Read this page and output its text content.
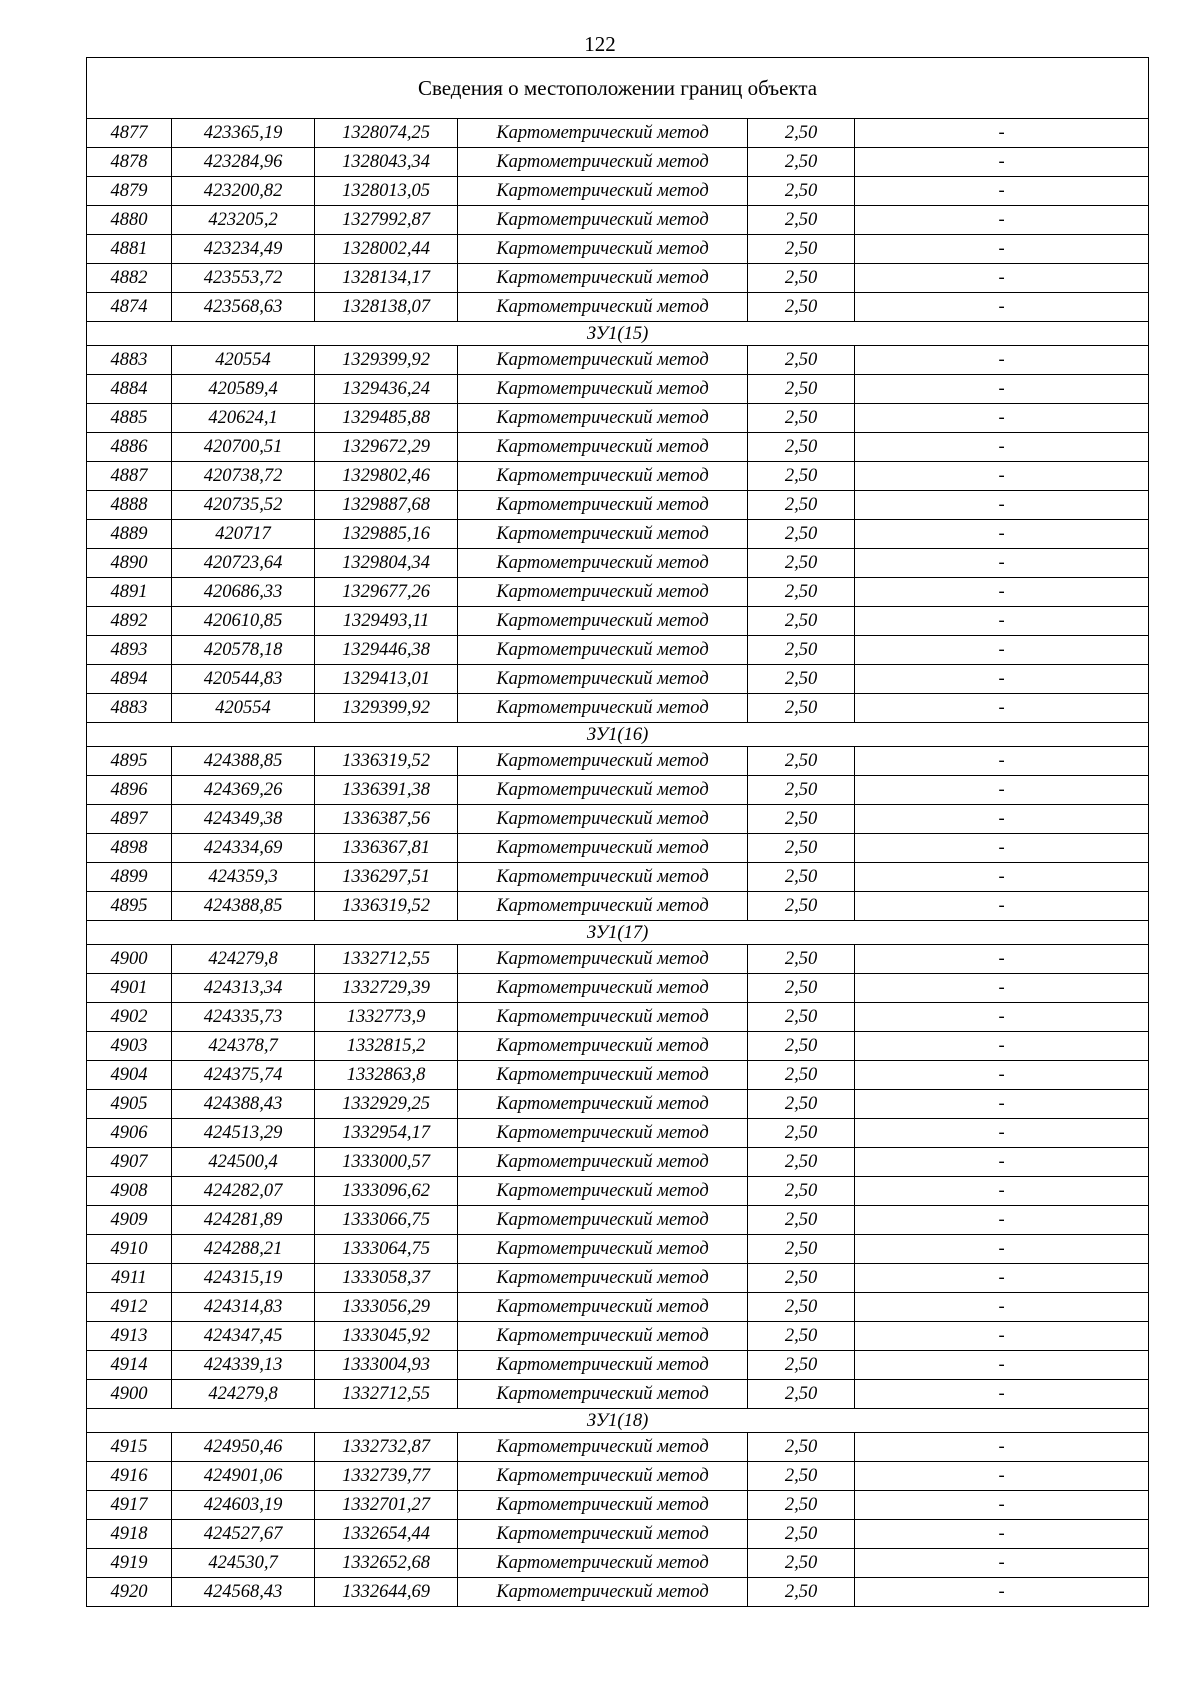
122
Сведения о местоположении границ объекта					
4877	423365,19	1328074,25	Картометрический метод	2,50	-
4878	423284,96	1328043,34	Картометрический метод	2,50	-
4879	423200,82	1328013,05	Картометрический метод	2,50	-
4880	423205,2	1327992,87	Картометрический метод	2,50	-
4881	423234,49	1328002,44	Картометрический метод	2,50	-
4882	423553,72	1328134,17	Картометрический метод	2,50	-
4874	423568,63	1328138,07	Картометрический метод	2,50	-
ЗУ1(15)					
4883	420554	1329399,92	Картометрический метод	2,50	-
4884	420589,4	1329436,24	Картометрический метод	2,50	-
4885	420624,1	1329485,88	Картометрический метод	2,50	-
4886	420700,51	1329672,29	Картометрический метод	2,50	-
4887	420738,72	1329802,46	Картометрический метод	2,50	-
4888	420735,52	1329887,68	Картометрический метод	2,50	-
4889	420717	1329885,16	Картометрический метод	2,50	-
4890	420723,64	1329804,34	Картометрический метод	2,50	-
4891	420686,33	1329677,26	Картометрический метод	2,50	-
4892	420610,85	1329493,11	Картометрический метод	2,50	-
4893	420578,18	1329446,38	Картометрический метод	2,50	-
4894	420544,83	1329413,01	Картометрический метод	2,50	-
4883	420554	1329399,92	Картометрический метод	2,50	-
ЗУ1(16)					
4895	424388,85	1336319,52	Картометрический метод	2,50	-
4896	424369,26	1336391,38	Картометрический метод	2,50	-
4897	424349,38	1336387,56	Картометрический метод	2,50	-
4898	424334,69	1336367,81	Картометрический метод	2,50	-
4899	424359,3	1336297,51	Картометрический метод	2,50	-
4895	424388,85	1336319,52	Картометрический метод	2,50	-
ЗУ1(17)					
4900	424279,8	1332712,55	Картометрический метод	2,50	-
4901	424313,34	1332729,39	Картометрический метод	2,50	-
4902	424335,73	1332773,9	Картометрический метод	2,50	-
4903	424378,7	1332815,2	Картометрический метод	2,50	-
4904	424375,74	1332863,8	Картометрический метод	2,50	-
4905	424388,43	1332929,25	Картометрический метод	2,50	-
4906	424513,29	1332954,17	Картометрический метод	2,50	-
4907	424500,4	1333000,57	Картометрический метод	2,50	-
4908	424282,07	1333096,62	Картометрический метод	2,50	-
4909	424281,89	1333066,75	Картометрический метод	2,50	-
4910	424288,21	1333064,75	Картометрический метод	2,50	-
4911	424315,19	1333058,37	Картометрический метод	2,50	-
4912	424314,83	1333056,29	Картометрический метод	2,50	-
4913	424347,45	1333045,92	Картометрический метод	2,50	-
4914	424339,13	1333004,93	Картометрический метод	2,50	-
4900	424279,8	1332712,55	Картометрический метод	2,50	-
ЗУ1(18)					
4915	424950,46	1332732,87	Картометрический метод	2,50	-
4916	424901,06	1332739,77	Картометрический метод	2,50	-
4917	424603,19	1332701,27	Картометрический метод	2,50	-
4918	424527,67	1332654,44	Картометрический метод	2,50	-
4919	424530,7	1332652,68	Картометрический метод	2,50	-
4920	424568,43	1332644,69	Картометрический метод	2,50	-
